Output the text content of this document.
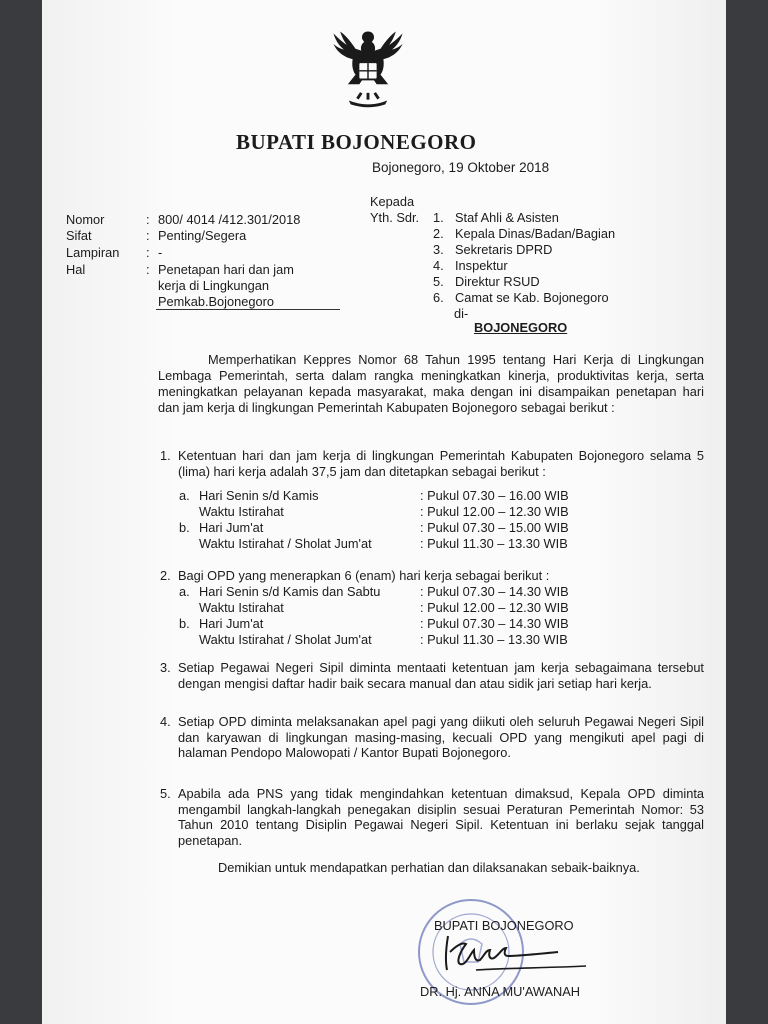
BUPATI BOJONEGORO
Bojonegoro, 19 Oktober 2018
Nomor	: 800/ 4014 /412.301/2018
Sifat	: Penting/Segera
Lampiran : -
Hal	: Penetapan hari dan jam
kerja di Lingkungan
Pemkab.Bojonegoro
Kepada
Yth. Sdr. 1. Staf Ahli & Asisten
2. Kepala Dinas/Badan/Bagian
3. Sekretaris DPRD
4. Inspektur
5. Direktur RSUD
6. Camat se Kab. Bojonegoro
di-
BOJONEGORO
Memperhatikan Keppres Nomor 68 Tahun 1995 tentang Hari Kerja di Lingkungan Lembaga Pemerintah, serta dalam rangka meningkatkan kinerja, produktivitas kerja, serta meningkatkan pelayanan kepada masyarakat, maka dengan ini disampaikan penetapan hari dan jam kerja di lingkungan Pemerintah Kabupaten Bojonegoro sebagai berikut :
1. Ketentuan hari dan jam kerja di lingkungan Pemerintah Kabupaten Bojonegoro selama 5 (lima) hari kerja adalah 37,5 jam dan ditetapkan sebagai berikut :
a. Hari Senin s/d Kamis	: Pukul 07.30 – 16.00 WIB
Waktu Istirahat	: Pukul 12.00 – 12.30 WIB
b. Hari Jum'at	: Pukul 07.30 – 15.00 WIB
Waktu Istirahat / Sholat Jum'at	: Pukul 11.30 – 13.30 WIB
2. Bagi OPD yang menerapkan 6 (enam) hari kerja sebagai berikut :
a. Hari Senin s/d Kamis dan Sabtu	: Pukul 07.30 – 14.30 WIB
Waktu Istirahat	: Pukul 12.00 – 12.30 WIB
b. Hari Jum'at	: Pukul 07.30 – 14.30 WIB
Waktu Istirahat / Sholat Jum'at	: Pukul 11.30 – 13.30 WIB
3. Setiap Pegawai Negeri Sipil diminta mentaati ketentuan jam kerja sebagaimana tersebut dengan mengisi daftar hadir baik secara manual dan atau sidik jari setiap hari kerja.
4. Setiap OPD diminta melaksanakan apel pagi yang diikuti oleh seluruh Pegawai Negeri Sipil dan karyawan di lingkungan masing-masing, kecuali OPD yang mengikuti apel pagi di halaman Pendopo Malowopati / Kantor Bupati Bojonegoro.
5. Apabila ada PNS yang tidak mengindahkan ketentuan dimaksud, Kepala OPD diminta mengambil langkah-langkah penegakan disiplin sesuai Peraturan Pemerintah Nomor: 53 Tahun 2010 tentang Disiplin Pegawai Negeri Sipil. Ketentuan ini berlaku sejak tanggal penetapan.
Demikian untuk mendapatkan perhatian dan dilaksanakan sebaik-baiknya.
BUPATI BOJONEGORO
DR. Hj. ANNA MU'AWANAH
